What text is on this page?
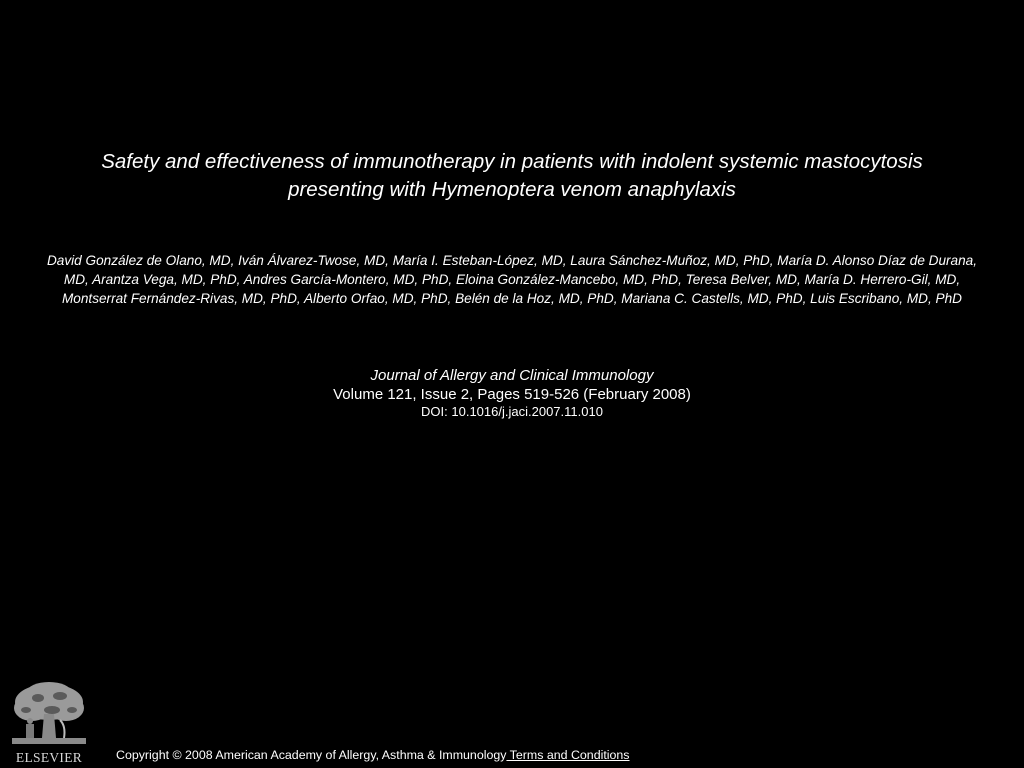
Safety and effectiveness of immunotherapy in patients with indolent systemic mastocytosis presenting with Hymenoptera venom anaphylaxis

David González de Olano, MD, Iván Álvarez-Twose, MD, María I. Esteban-López, MD, Laura Sánchez-Muñoz, MD, PhD, María D. Alonso Díaz de Durana, MD, Arantza Vega, MD, PhD, Andres García-Montero, MD, PhD, Eloina González-Mancebo, MD, PhD, Teresa Belver, MD, María D. Herrero-Gil, MD, Montserrat Fernández-Rivas, MD, PhD, Alberto Orfao, MD, PhD, Belén de la Hoz, MD, PhD, Mariana C. Castells, MD, PhD, Luis Escribano, MD, PhD

Journal of Allergy and Clinical Immunology
Volume 121, Issue 2, Pages 519-526 (February 2008)
DOI: 10.1016/j.jaci.2007.11.010
ELSEVIER	Copyright © 2008 American Academy of Allergy, Asthma & Immunology Terms and Conditions
